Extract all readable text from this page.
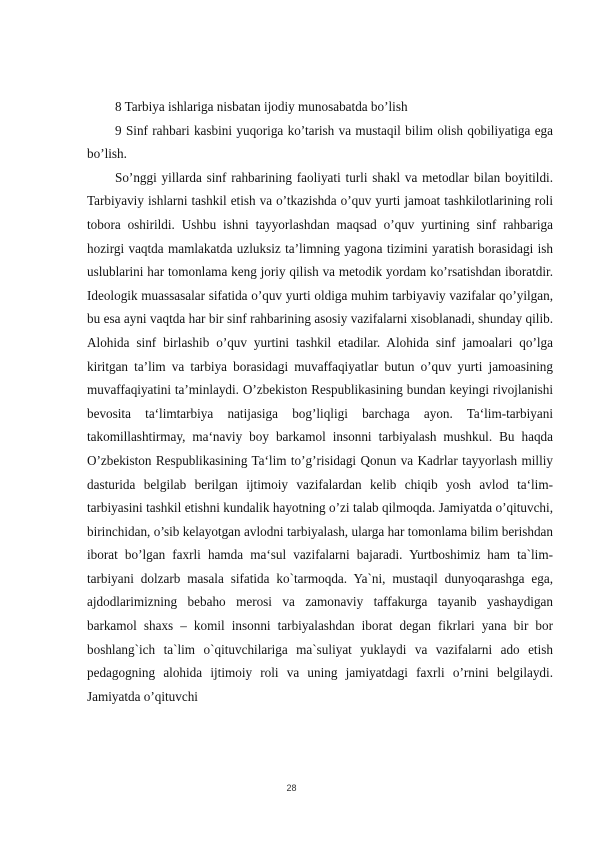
8 Tarbiya ishlariga nisbatan ijodiy munosabatda bo’lish

9 Sinf rahbari kasbini yuqoriga ko’tarish va mustaqil bilim olish qobiliyatiga ega bo’lish.

So’nggi yillarda sinf rahbarining faoliyati turli shakl va metodlar bilan boyitildi. Tarbiyaviy ishlarni tashkil etish va o’tkazishda o’quv yurti jamoat tashkilotlarining roli tobora oshirildi. Ushbu ishni tayyorlashdan maqsad o’quv yurtining sinf rahbariga hozirgi vaqtda mamlakatda uzluksiz ta’limning yagona tizimini yaratish borasidagi ish uslublarini har tomonlama keng joriy qilish va metodik yordam ko’rsatishdan iboratdir. Ideologik muassasalar sifatida o’quv yurti oldiga muhim tarbiyaviy vazifalar qo’yilgan, bu esa ayni vaqtda har bir sinf rahbarining asosiy vazifalarni xisoblanadi, shunday qilib. Alohida sinf birlashib o’quv yurtini tashkil etadilar. Alohida sinf jamoalari qo’lga kiritgan ta’lim va tarbiya borasidagi muvaffaqiyatlar butun o’quv yurti jamoasining muvaffaqiyatini ta’minlaydi. O’zbekiston Respublikasining bundan keyingi rivojlanishi bevosita ta‘limtarbiya natijasiga bog’liqligi barchaga ayon. Ta‘lim-tarbiyani takomillashtirmay, ma‘naviy boy barkamol insonni tarbiyalash mushkul. Bu haqda O’zbekiston Respublikasining Ta‘lim to’g’risidagi Qonun va Kadrlar tayyorlash milliy dasturida belgilab berilgan ijtimoiy vazifalardan kelib chiqib yosh avlod ta‘lim-tarbiyasini tashkil etishni kundalik hayotning o’zi talab qilmoqda. Jamiyatda o’qituvchi, birinchidan, o’sib kelayotgan avlodni tarbiyalash, ularga har tomonlama bilim berishdan iborat bo’lgan faxrli hamda ma‘sul vazifalarni bajaradi. Yurtboshimiz ham ta`lim-tarbiyani dolzarb masala sifatida ko`tarmoqda. Ya`ni, mustaqil dunyoqarashga ega, ajdodlarimizning bebaho merosi va zamonaviy taffakurga tayanib yashaydigan barkamol shaxs – komil insonni tarbiyalashdan iborat degan fikrlari yana bir bor boshlang`ich ta`lim o`qituvchilariga ma`suliyat yuklaydi va vazifalarni ado etish pedagogning alohida ijtimoiy roli va uning jamiyatdagi faxrli o’rnini belgilaydi. Jamiyatda o’qituvchi

28
